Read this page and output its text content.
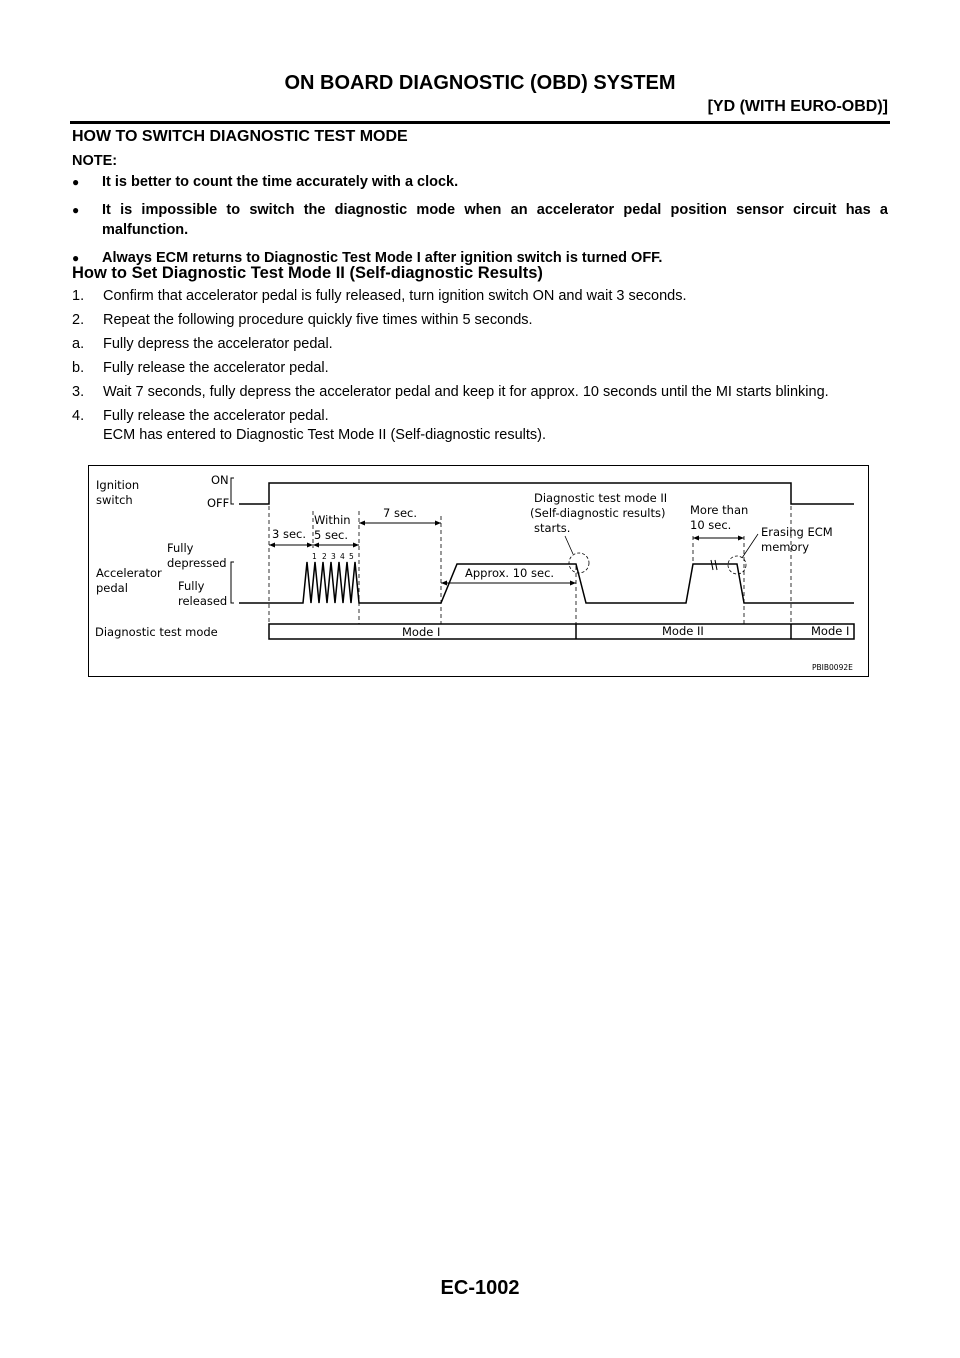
ON BOARD DIAGNOSTIC (OBD) SYSTEM
[YD (WITH EURO-OBD)]
HOW TO SWITCH DIAGNOSTIC TEST MODE
NOTE:
● It is better to count the time accurately with a clock.
● It is impossible to switch the diagnostic mode when an accelerator pedal position sensor circuit has a malfunction.
● Always ECM returns to Diagnostic Test Mode I after ignition switch is turned OFF.
How to Set Diagnostic Test Mode II (Self-diagnostic Results)
1. Confirm that accelerator pedal is fully released, turn ignition switch ON and wait 3 seconds.
2. Repeat the following procedure quickly five times within 5 seconds.
a. Fully depress the accelerator pedal.
b. Fully release the accelerator pedal.
3. Wait 7 seconds, fully depress the accelerator pedal and keep it for approx. 10 seconds until the MI starts blinking.
4. Fully release the accelerator pedal.
ECM has entered to Diagnostic Test Mode II (Self-diagnostic results).
Ignition
switch
ON
OFF
Accelerator
pedal
Fully
depressed
Fully
released
3 sec.
Within
5 sec.
7 sec.
Approx. 10 sec.
1 2 3 4 5
Diagnostic test mode II
(Self-diagnostic results)
starts.
More than
10 sec.	Erasing ECM
memory
Diagnostic test mode	Mode I	Mode II	Mode I
PBIB0092E
EC-1002
